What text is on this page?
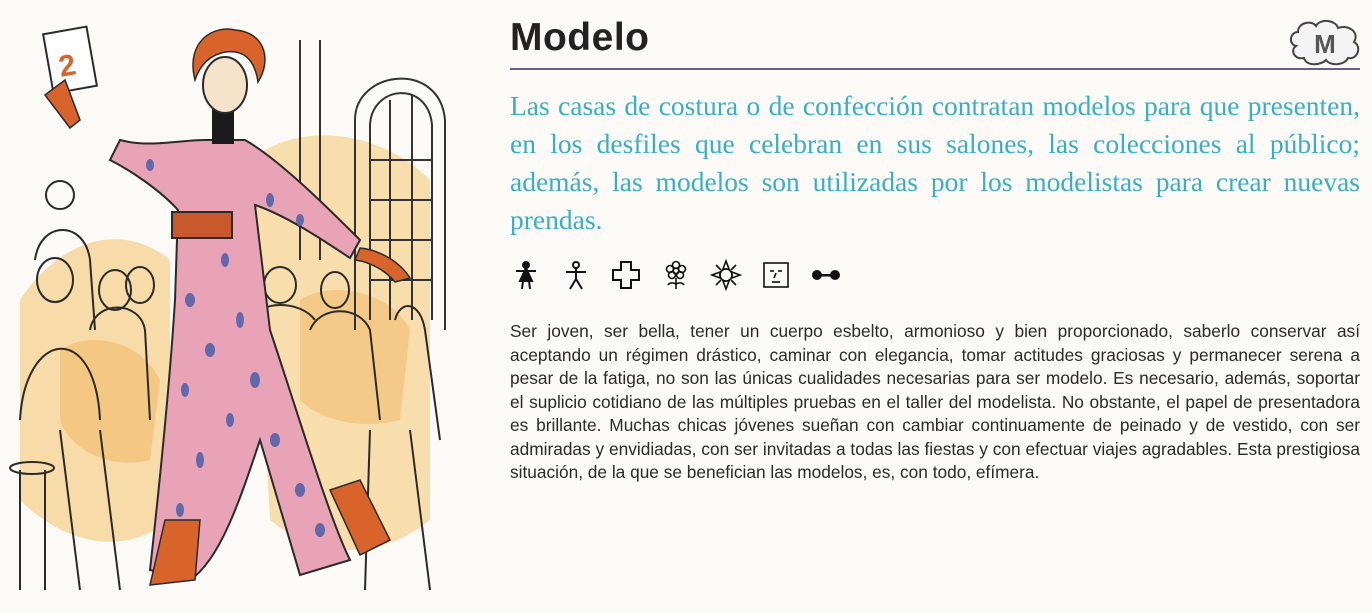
2
Modelo	M
Las casas de costura o de confección contratan modelos para que presenten, en los desfiles que celebran en sus salones, las colecciones al público; además, las modelos son utilizadas por los modelistas para crear nuevas prendas.
Ser joven, ser bella, tener un cuerpo esbelto, armonioso y bien proporcionado, saberlo conservar así aceptando un régimen drástico, caminar con elegancia, tomar actitudes graciosas y permanecer serena a pesar de la fatiga, no son las únicas cualidades necesarias para ser modelo. Es necesario, además, soportar el suplicio cotidiano de las múltiples pruebas en el taller del modelista. No obstante, el papel de presentadora es brillante. Muchas chicas jóvenes sueñan con cambiar continuamente de peinado y de vestido, con ser admiradas y envidiadas, con ser invitadas a todas las fiestas y con efectuar viajes agradables. Esta prestigiosa situación, de la que se benefician las modelos, es, con todo, efímera.
